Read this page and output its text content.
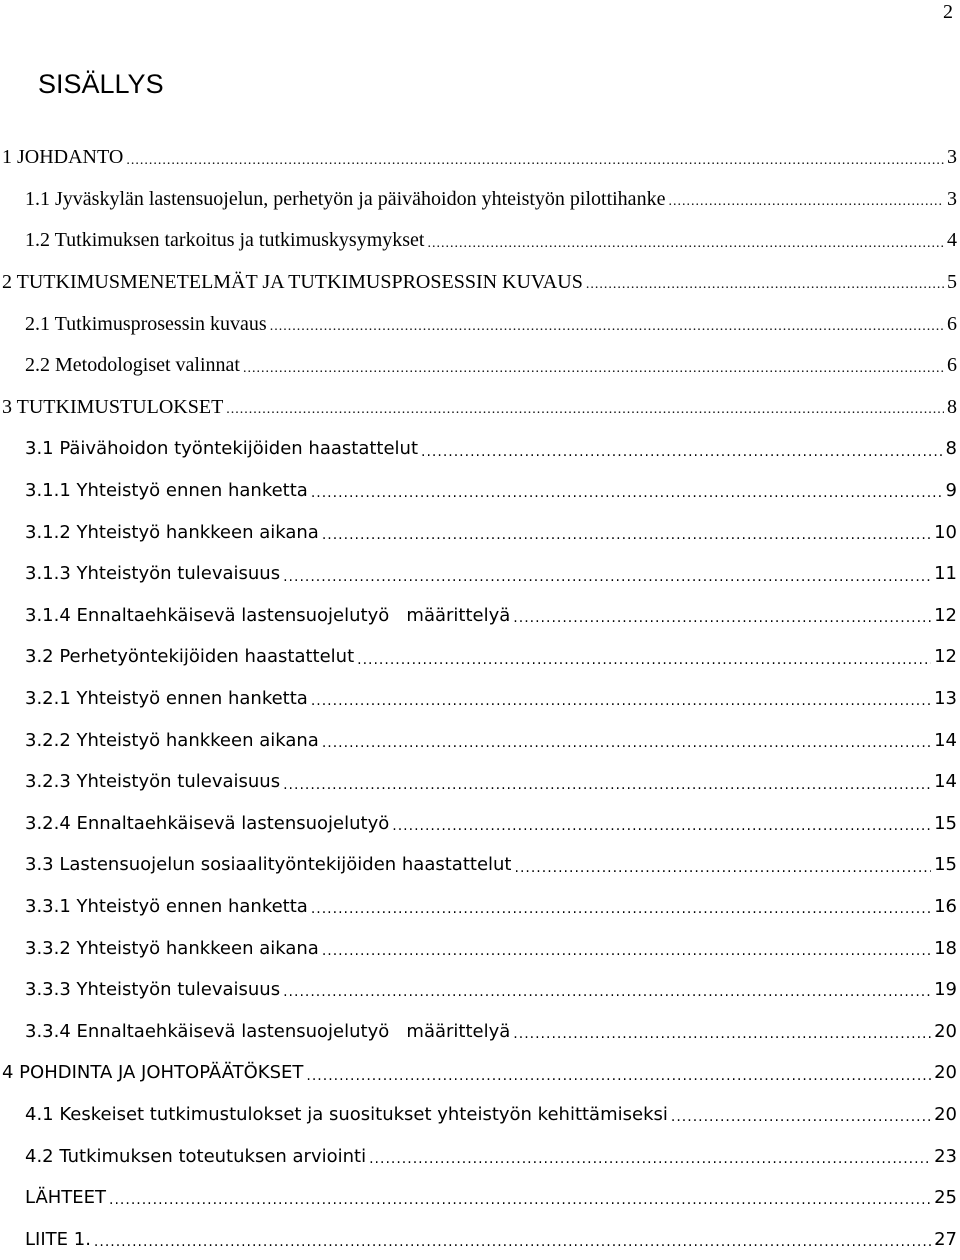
2
SISÄLLYS
1 JOHDANTO .....	3
1.1 Jyväskylän lastensuojelun, perhetyön ja päivähoidon yhteistyön pilottihanke .....	3
1.2 Tutkimuksen tarkoitus ja tutkimuskysymykset .....	4
2 TUTKIMUSMENETELMÄT JA TUTKIMUSPROSESSIN KUVAUS .....	5
2.1 Tutkimusprosessin kuvaus .....	6
2.2 Metodologiset valinnat .....	6
3 TUTKIMUSTULOKSET .....	8
3.1 Päivähoidon työntekijöiden haastattelut .....	8
3.1.1 Yhteistyö ennen hanketta .....	9
3.1.2 Yhteistyö hankkeen aikana .....	10
3.1.3 Yhteistyön tulevaisuus .....	11
3.1.4 Ennaltaehkäisevä lastensuojelutyö   määrittelyä .....	12
3.2 Perhetyöntekijöiden haastattelut .....	12
3.2.1 Yhteistyö ennen hanketta .....	13
3.2.2 Yhteistyö hankkeen aikana .....	14
3.2.3 Yhteistyön tulevaisuus .....	14
3.2.4 Ennaltaehkäisevä lastensuojelutyö .....	15
3.3 Lastensuojelun sosiaalityöntekijöiden haastattelut .....	15
3.3.1 Yhteistyö ennen hanketta .....	16
3.3.2 Yhteistyö hankkeen aikana .....	18
3.3.3 Yhteistyön tulevaisuus .....	19
3.3.4 Ennaltaehkäisevä lastensuojelutyö   määrittelyä .....	20
4 POHDINTA JA JOHTOPÄÄTÖKSET .....	20
4.1 Keskeiset tutkimustulokset ja suositukset yhteistyön kehittämiseksi .....	20
4.2 Tutkimuksen toteutuksen arviointi .....	23
LÄHTEET .....	25
LIITE 1. .....	27
